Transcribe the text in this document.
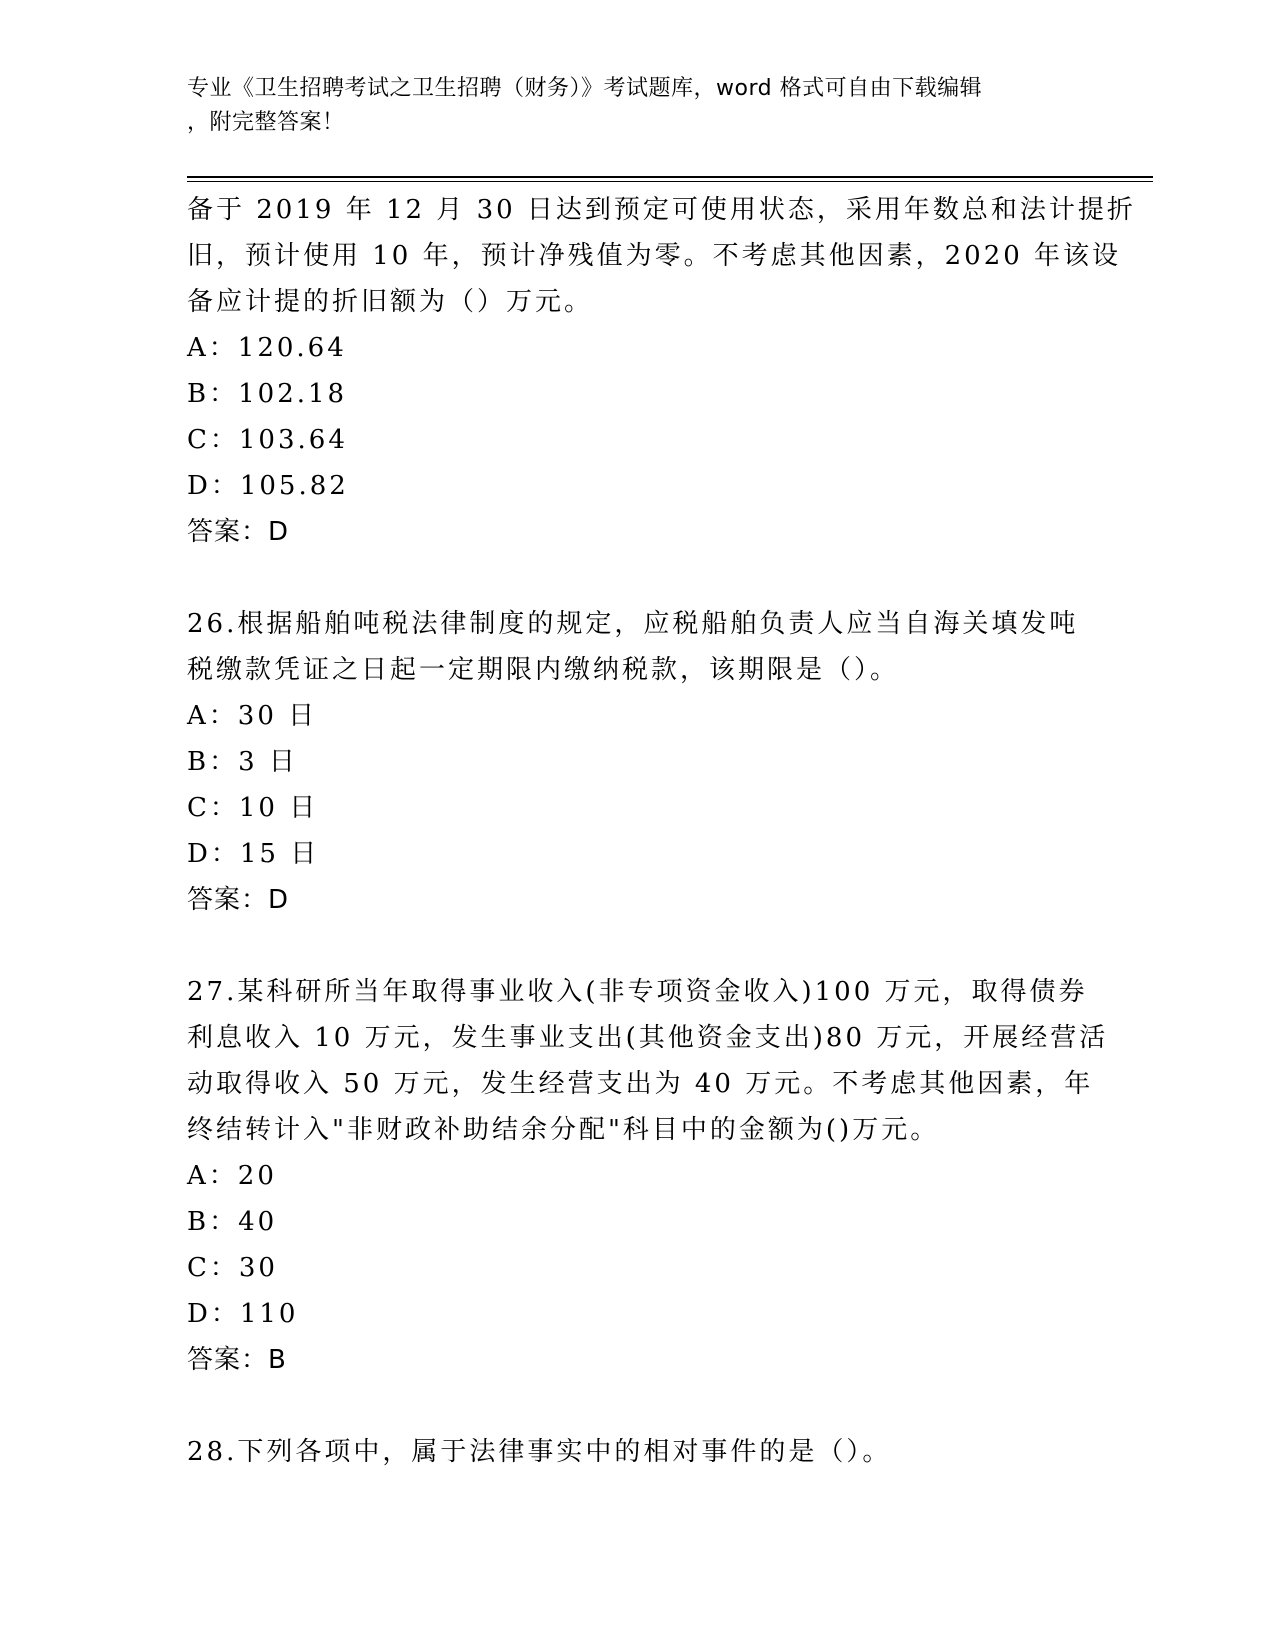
专业《卫生招聘考试之卫生招聘（财务）》考试题库，word 格式可自由下载编辑
，附完整答案！
备于 2019 年 12 月 30 日达到预定可使用状态，采用年数总和法计提折
旧，预计使用 10 年，预计净残值为零。不考虑其他因素，2020 年该设
备应计提的折旧额为（）万元。
A：120.64
B：102.18
C：103.64
D：105.82
答案：D
26.根据船舶吨税法律制度的规定，应税船舶负责人应当自海关填发吨
税缴款凭证之日起一定期限内缴纳税款，该期限是（）。
A：30 日
B：3 日
C：10 日
D：15 日
答案：D
27.某科研所当年取得事业收入(非专项资金收入)100 万元，取得债券
利息收入 10 万元，发生事业支出(其他资金支出)80 万元，开展经营活
动取得收入 50 万元，发生经营支出为 40 万元。不考虑其他因素，年
终结转计入"非财政补助结余分配"科目中的金额为()万元。
A：20
B：40
C：30
D：110
答案：B
28.下列各项中，属于法律事实中的相对事件的是（）。
